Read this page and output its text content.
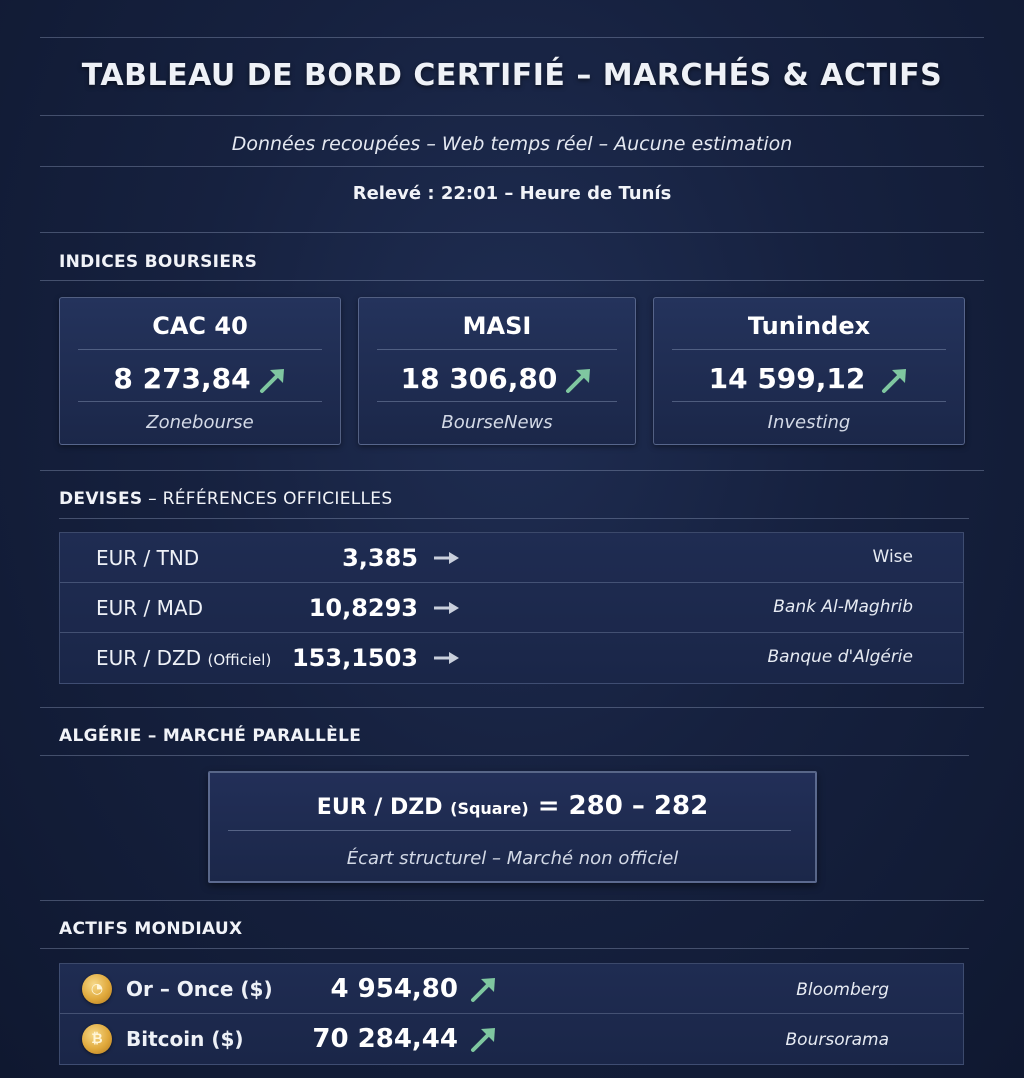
TABLEAU DE BORD CERTIFIÉ – MARCHÉS & ACTIFS
Données recoupées – Web temps réel – Aucune estimation
Relevé : 22:01 – Heure de Tunís
INDICES BOURSIERS
CAC 40
8 273,84
Zonebourse
MASI
18 306,80
BourseNews
Tunindex
14 599,12
Investing
DEVISES – RÉFÉRENCES OFFICIELLES
EUR / TND	3,385	Wise
EUR / MAD	10,8293	Bank Al-Maghrib
EUR / DZD (Officiel) 153,1503	Banque d'Algérie
ALGÉRIE – MARCHÉ PARALLÈLE
EUR / DZD (Square) = 280 – 282
Écart structurel – Marché non officiel
ACTIFS MONDIAUX
◔	Or – Once ($) 4 954,80	Bloomberg
₿	Bitcoin ($)	70 284,44	Boursorama
